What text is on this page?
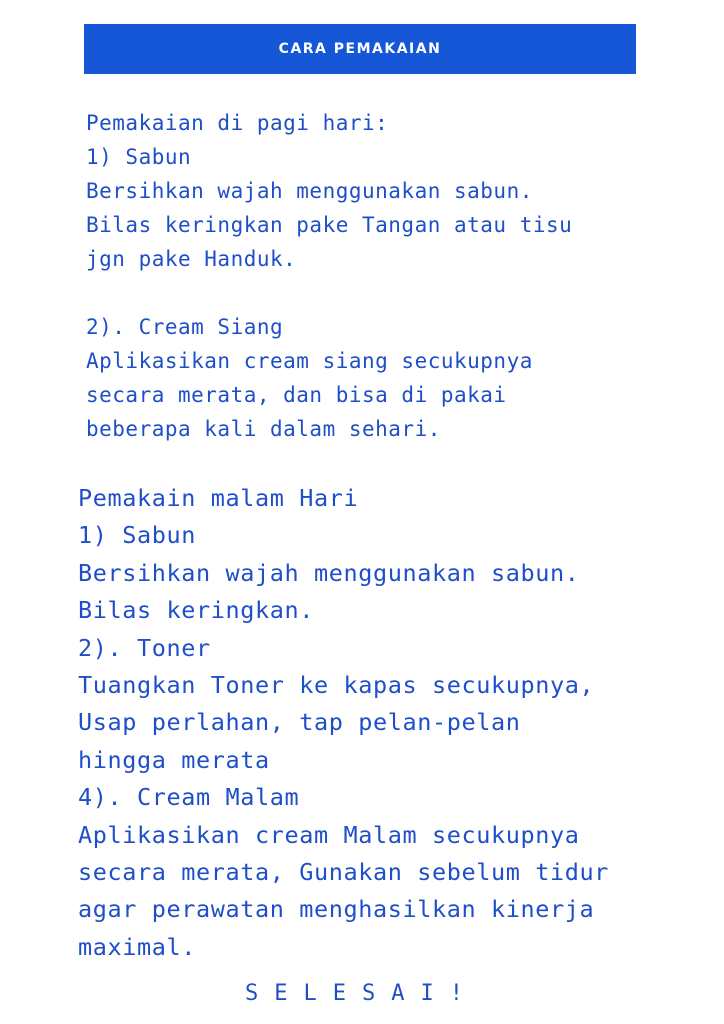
CARA PEMAKAIAN
Pemakaian di pagi hari:
1) Sabun
Bersihkan wajah menggunakan sabun.
Bilas keringkan pake Tangan atau tisu
jgn pake Handuk.
2). Cream Siang
Aplikasikan cream siang secukupnya
secara merata, dan bisa di pakai
beberapa kali dalam sehari.
Pemakain malam Hari
1) Sabun
Bersihkan wajah menggunakan sabun.
Bilas keringkan.
2). Toner
Tuangkan Toner ke kapas secukupnya,
Usap perlahan, tap pelan-pelan
hingga merata
4). Cream Malam
Aplikasikan cream Malam secukupnya
secara merata, Gunakan sebelum tidur
agar perawatan menghasilkan kinerja
maximal.
SELESAI!
